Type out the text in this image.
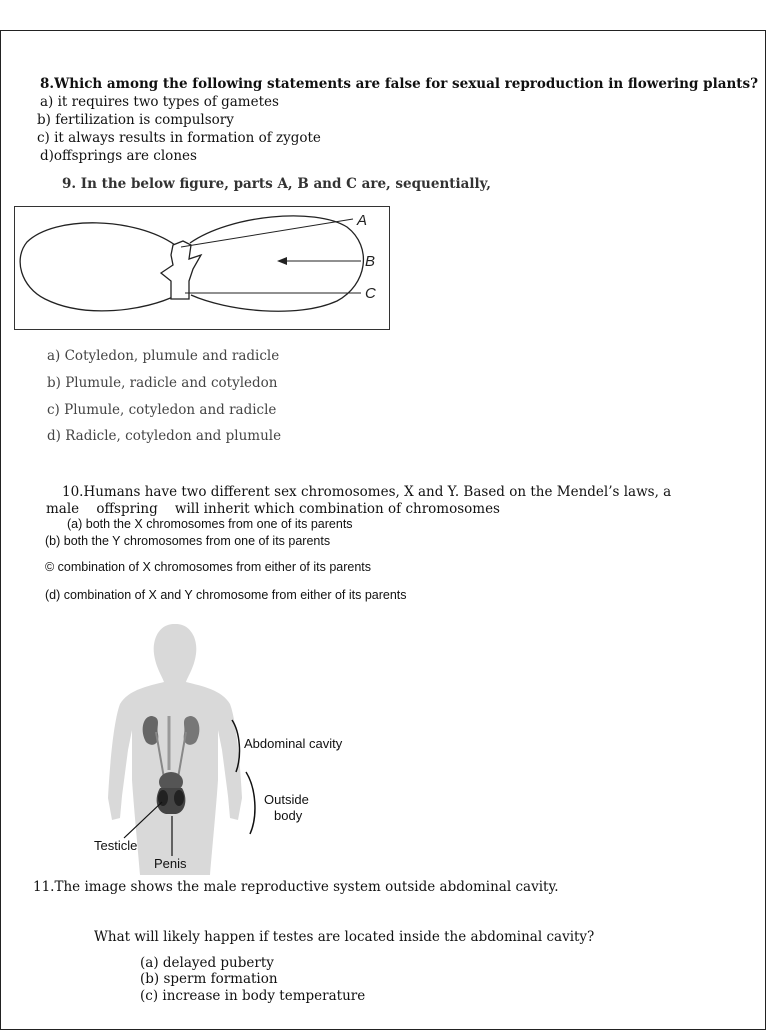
8.Which among the following statements are false for sexual reproduction in flowering plants?

a) it requires two types of gametes

b) fertilization is compulsory

c) it always results in formation of zygote

d)offsprings are clones

9. In the below figure, parts A, B and C are, sequentially,

A
B
C

a) Cotyledon, plumule and radicle

b) Plumule, radicle and cotyledon

c) Plumule, cotyledon and radicle

d) Radicle, cotyledon and plumule

10.Humans have two different sex chromosomes, X and Y. Based on the Mendel’s laws, a

male    offspring    will inherit which combination of chromosomes

(a) both the X chromosomes from one of its parents

(b) both the Y chromosomes from one of its parents

© combination of X chromosomes from either of its parents

(d) combination of X and Y chromosome from either of its parents

Abdominal cavity
Outside
body
Testicle
Penis

11.The image shows the male reproductive system outside abdominal cavity.

What will likely happen if testes are located inside the abdominal cavity?

(a) delayed puberty

(b) sperm formation

(c) increase in body temperature
